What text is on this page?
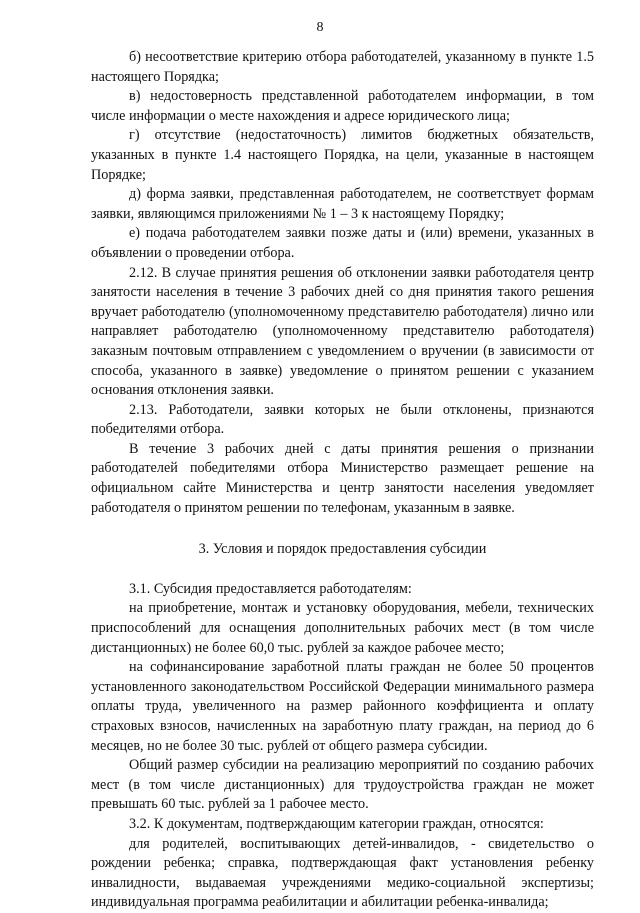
8

б) несоответствие критерию отбора работодателей, указанному в пункте 1.5 настоящего Порядка;

в) недостоверность представленной работодателем информации, в том числе информации о месте нахождения и адресе юридического лица;

г) отсутствие (недостаточность) лимитов бюджетных обязательств, указанных в пункте 1.4 настоящего Порядка, на цели, указанные в настоящем Порядке;

д) форма заявки, представленная работодателем, не соответствует формам заявки, являющимся приложениями № 1 – 3 к настоящему Порядку;

е) подача работодателем заявки позже даты и (или) времени, указанных в объявлении о проведении отбора.

2.12. В случае принятия решения об отклонении заявки работодателя центр занятости населения в течение 3 рабочих дней со дня принятия такого решения вручает работодателю (уполномоченному представителю работодателя) лично или направляет работодателю (уполномоченному представителю работодателя) заказным почтовым отправлением с уведомлением о вручении (в зависимости от способа, указанного в заявке) уведомление о принятом решении с указанием основания отклонения заявки.

2.13. Работодатели, заявки которых не были отклонены, признаются победителями отбора.

В течение 3 рабочих дней с даты принятия решения о признании работодателей победителями отбора Министерство размещает решение на официальном сайте Министерства и центр занятости населения уведомляет работодателя о принятом решении по телефонам, указанным в заявке.

3. Условия и порядок предоставления субсидии

3.1. Субсидия предоставляется работодателям:

на приобретение, монтаж и установку оборудования, мебели, технических приспособлений для оснащения дополнительных рабочих мест (в том числе дистанционных) не более 60,0 тыс. рублей за каждое рабочее место;

на софинансирование заработной платы граждан не более 50 процентов установленного законодательством Российской Федерации минимального размера оплаты труда, увеличенного на размер районного коэффициента и оплату страховых взносов, начисленных на заработную плату граждан, на период до 6 месяцев, но не более 30 тыс. рублей от общего размера субсидии.

Общий размер субсидии на реализацию мероприятий по созданию рабочих мест (в том числе дистанционных) для трудоустройства граждан не может превышать 60 тыс. рублей за 1 рабочее место.

3.2. К документам, подтверждающим категории граждан, относятся:

для родителей, воспитывающих детей-инвалидов, - свидетельство о рождении ребенка; справка, подтверждающая факт установления ребенку инвалидности, выдаваемая учреждениями медико-социальной экспертизы; индивидуальная программа реабилитации и абилитации ребенка-инвалида;
